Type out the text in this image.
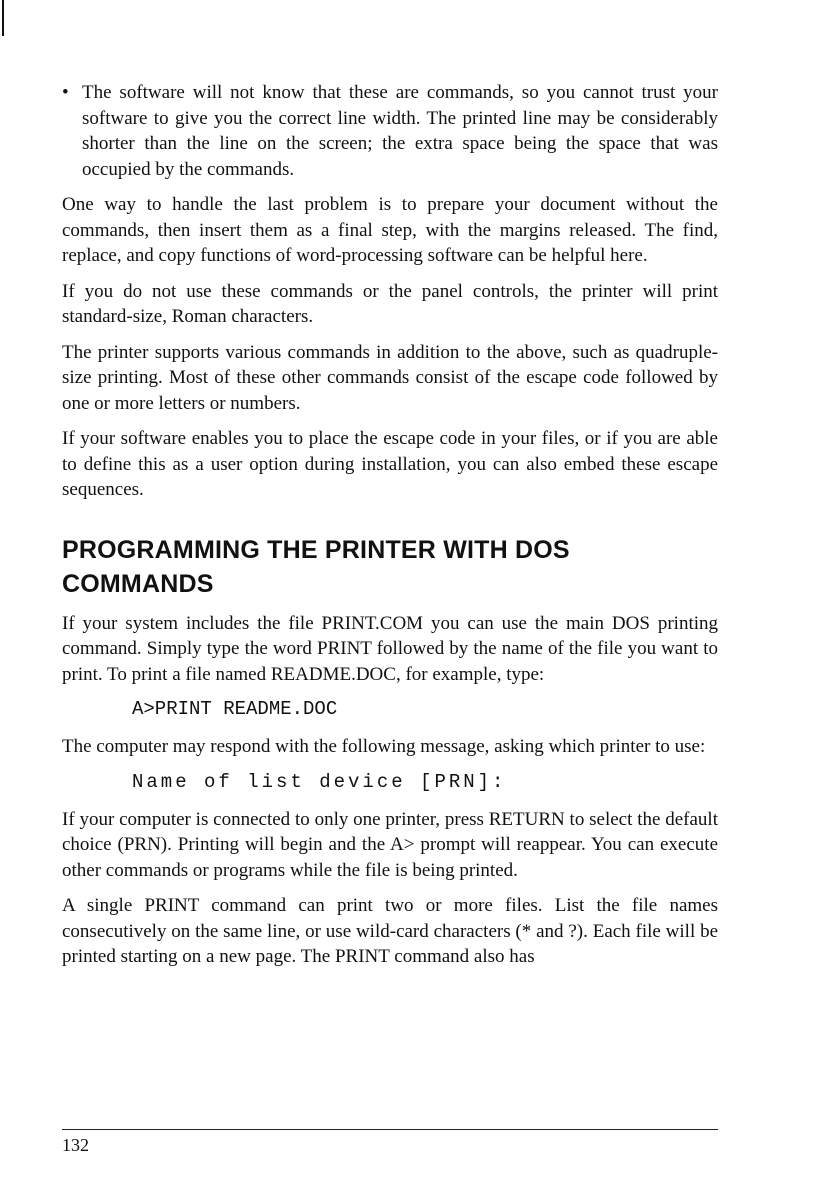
• The software will not know that these are commands, so you cannot trust your software to give you the correct line width. The printed line may be considerably shorter than the line on the screen; the extra space being the space that was occupied by the commands.

One way to handle the last problem is to prepare your document without the commands, then insert them as a final step, with the margins released. The find, replace, and copy functions of word-processing software can be helpful here.

If you do not use these commands or the panel controls, the printer will print standard-size, Roman characters.

The printer supports various commands in addition to the above, such as quadruple-size printing. Most of these other commands consist of the escape code followed by one or more letters or numbers.

If your software enables you to place the escape code in your files, or if you are able to define this as a user option during installation, you can also embed these escape sequences.

PROGRAMMING THE PRINTER WITH DOS COMMANDS

If your system includes the file PRINT.COM you can use the main DOS printing command. Simply type the word PRINT followed by the name of the file you want to print. To print a file named README.DOC, for example, type:

A>PRINT README.DOC

The computer may respond with the following message, asking which printer to use:

Name of list device [PRN]:

If your computer is connected to only one printer, press RETURN to select the default choice (PRN). Printing will begin and the A> prompt will reappear. You can execute other commands or programs while the file is being printed.

A single PRINT command can print two or more files. List the file names consecutively on the same line, or use wild-card characters (* and ?). Each file will be printed starting on a new page. The PRINT command also has

132
